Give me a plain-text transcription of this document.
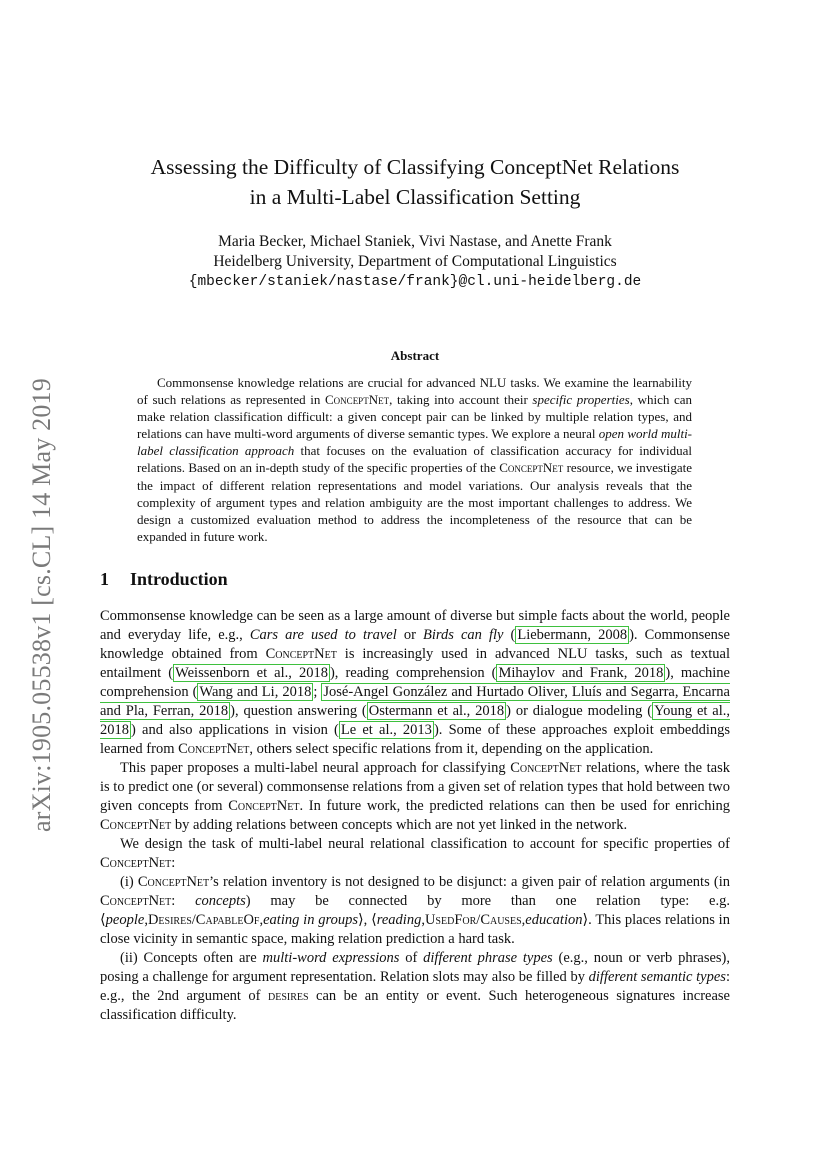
arXiv:1905.05538v1 [cs.CL] 14 May 2019
Assessing the Difficulty of Classifying ConceptNet Relations
in a Multi-Label Classification Setting
Maria Becker, Michael Staniek, Vivi Nastase, and Anette Frank
Heidelberg University, Department of Computational Linguistics
{mbecker/staniek/nastase/frank}@cl.uni-heidelberg.de
Abstract

Commonsense knowledge relations are crucial for advanced NLU tasks. We examine the learnability of such relations as represented in ConceptNet, taking into account their specific properties, which can make relation classification difficult: a given concept pair can be linked by multiple relation types, and relations can have multi-word arguments of diverse semantic types. We explore a neural open world multi-label classification approach that focuses on the evaluation of classification accuracy for individual relations. Based on an in-depth study of the specific properties of the ConceptNet resource, we investigate the impact of different relation representations and model variations. Our analysis reveals that the complexity of argument types and relation ambiguity are the most important challenges to address. We design a customized evaluation method to address the incompleteness of the resource that can be expanded in future work.

1 Introduction

Commonsense knowledge can be seen as a large amount of diverse but simple facts about the world, people and everyday life, e.g., Cars are used to travel or Birds can fly ( Liebermann, 2008 ). Commonsense knowledge obtained from ConceptNet is increasingly used in advanced NLU tasks, such as textual entailment ( Weissenborn et al., 2018 ), reading comprehension ( Mihaylov and Frank, 2018 ), machine comprehension ( Wang and Li, 2018 ; José-Angel González and Hurtado Oliver, Lluís and Segarra, Encarna and Pla, Ferran, 2018 ), question answering ( Ostermann et al., 2018 ) or dialogue modeling ( Young et al., 2018 ) and also applications in vision ( Le et al., 2013 ). Some of these approaches exploit embeddings learned from ConceptNet, others select specific relations from it, depending on the application.

This paper proposes a multi-label neural approach for classifying ConceptNet relations, where the task is to predict one (or several) commonsense relations from a given set of relation types that hold between two given concepts from ConceptNet. In future work, the predicted relations can then be used for enriching ConceptNet by adding relations between concepts which are not yet linked in the network.

We design the task of multi-label neural relational classification to account for specific properties of ConceptNet:

(i) ConceptNet’s relation inventory is not designed to be disjunct: a given pair of relation arguments (in ConceptNet: concepts) may be connected by more than one relation type: e.g. ⟨people,Desires/CapableOf,eating in groups⟩, ⟨reading,UsedFor/Causes,education⟩. This places relations in close vicinity in semantic space, making relation prediction a hard task.

(ii) Concepts often are multi-word expressions of different phrase types (e.g., noun or verb phrases), posing a challenge for argument representation. Relation slots may also be filled by different semantic types: e.g., the 2nd argument of desires can be an entity or event. Such heterogeneous signatures increase classification difficulty.
